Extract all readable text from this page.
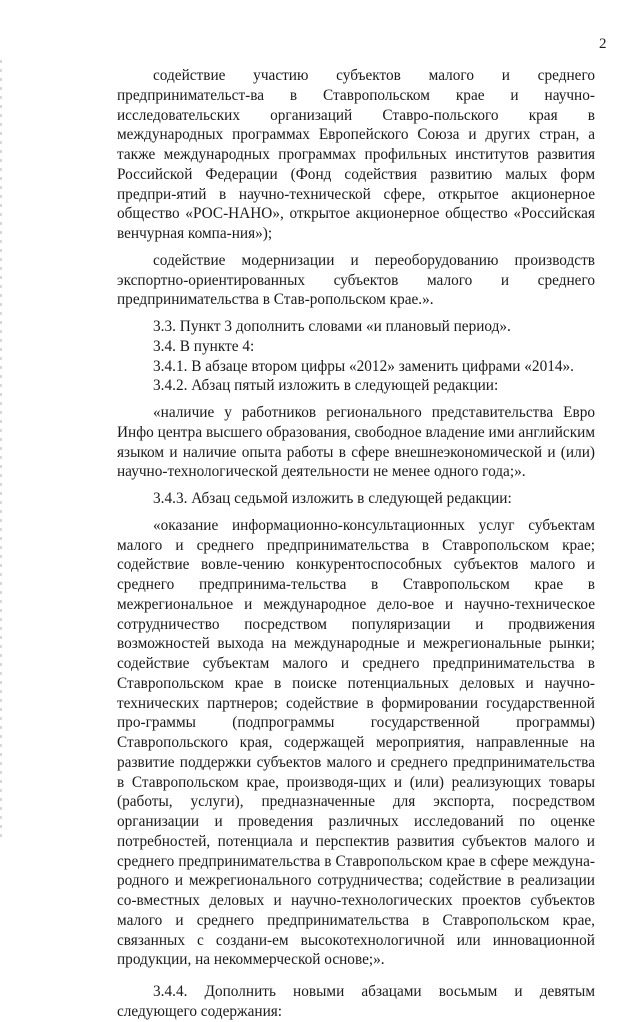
2

содействие участию субъектов малого и среднего предпринимательст-ва в Ставропольском крае и научно-исследовательских организаций Ставро-польского края в международных программах Европейского Союза и других стран, а также международных программах профильных институтов развития Российской Федерации (Фонд содействия развитию малых форм предпри-ятий в научно-технической сфере, открытое акционерное общество «РОС-НАНО», открытое акционерное общество «Российская венчурная компа-ния»);

содействие модернизации и переоборудованию производств экспортно-ориентированных субъектов малого и среднего предпринимательства в Став-ропольском крае.».

3.3. Пункт 3 дополнить словами «и плановый период».

3.4. В пункте 4:

3.4.1. В абзаце втором цифры «2012» заменить цифрами «2014».

3.4.2. Абзац пятый изложить в следующей редакции:

«наличие у работников регионального представительства Евро Инфо центра высшего образования, свободное владение ими английским языком и наличие опыта работы в сфере внешнеэкономической и (или) научно-технологической деятельности не менее одного года;».

3.4.3. Абзац седьмой изложить в следующей редакции:

«оказание информационно-консультационных услуг субъектам малого и среднего предпринимательства в Ставропольском крае; содействие вовле-чению конкурентоспособных субъектов малого и среднего предпринима-тельства в Ставропольском крае в межрегиональное и международное дело-вое и научно-техническое сотрудничество посредством популяризации и продвижения возможностей выхода на международные и межрегиональные рынки; содействие субъектам малого и среднего предпринимательства в Ставропольском крае в поиске потенциальных деловых и научно-технических партнеров; содействие в формировании государственной про-граммы (подпрограммы государственной программы) Ставропольского края, содержащей мероприятия, направленные на развитие поддержки субъектов малого и среднего предпринимательства в Ставропольском крае, производя-щих и (или) реализующих товары (работы, услуги), предназначенные для экспорта, посредством организации и проведения различных исследований по оценке потребностей, потенциала и перспектив развития субъектов малого и среднего предпринимательства в Ставропольском крае в сфере междуна-родного и межрегионального сотрудничества; содействие в реализации со-вместных деловых и научно-технологических проектов субъектов малого и среднего предпринимательства в Ставропольском крае, связанных с создани-ем высокотехнологичной или инновационной продукции, на некоммерческой основе;».

3.4.4. Дополнить новыми абзацами восьмым и девятым следующего содержания:
